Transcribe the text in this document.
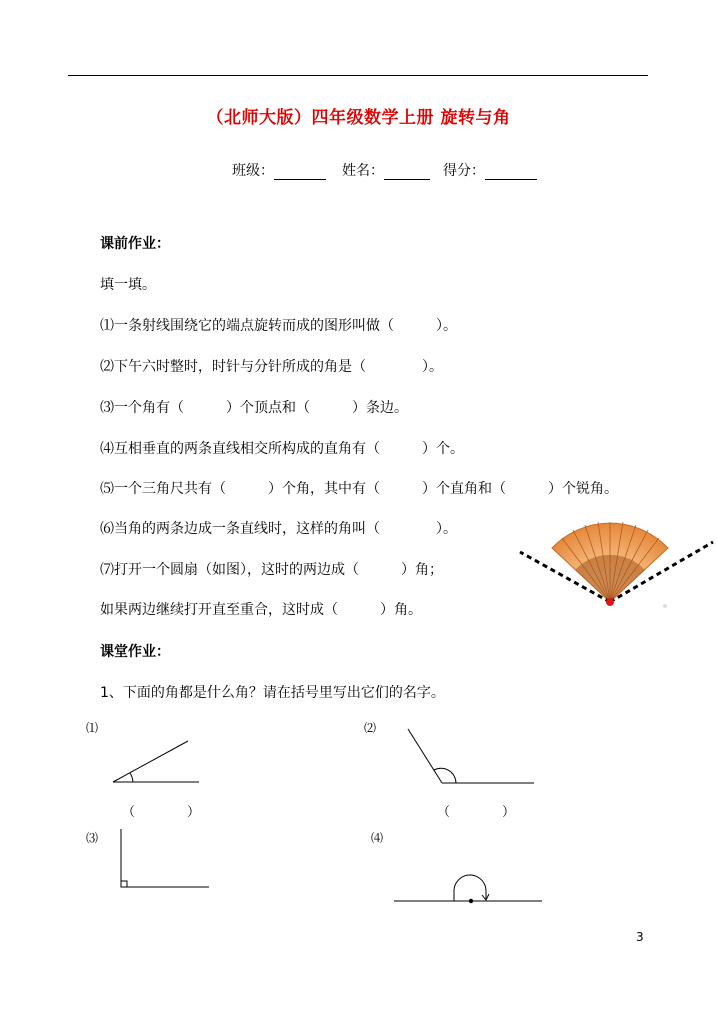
（北师大版）四年级数学上册 旋转与角
班级：	姓名：	得分：
课前作业：
填一填。
⑴一条射线围绕它的端点旋转而成的图形叫做（　　　）。
⑵下午六时整时，时针与分针所成的角是（　　　　）。
⑶一个角有（　　　）个顶点和（　　　）条边。
⑷互相垂直的两条直线相交所构成的直角有（　　　）个。
⑸一个三角尺共有（　　　）个角，其中有（　　　）个直角和（　　　）个锐角。
⑹当角的两条边成一条直线时，这样的角叫（　　　　）。
⑺打开一个圆扇（如图），这时的两边成（　　　）角；
如果两边继续打开直至重合，这时成（　　　）角。
课堂作业：
1、下面的角都是什么角？请在括号里写出它们的名字。
⑴
（　　　　）
⑵
（　　　　）
⑶	⑷
3
